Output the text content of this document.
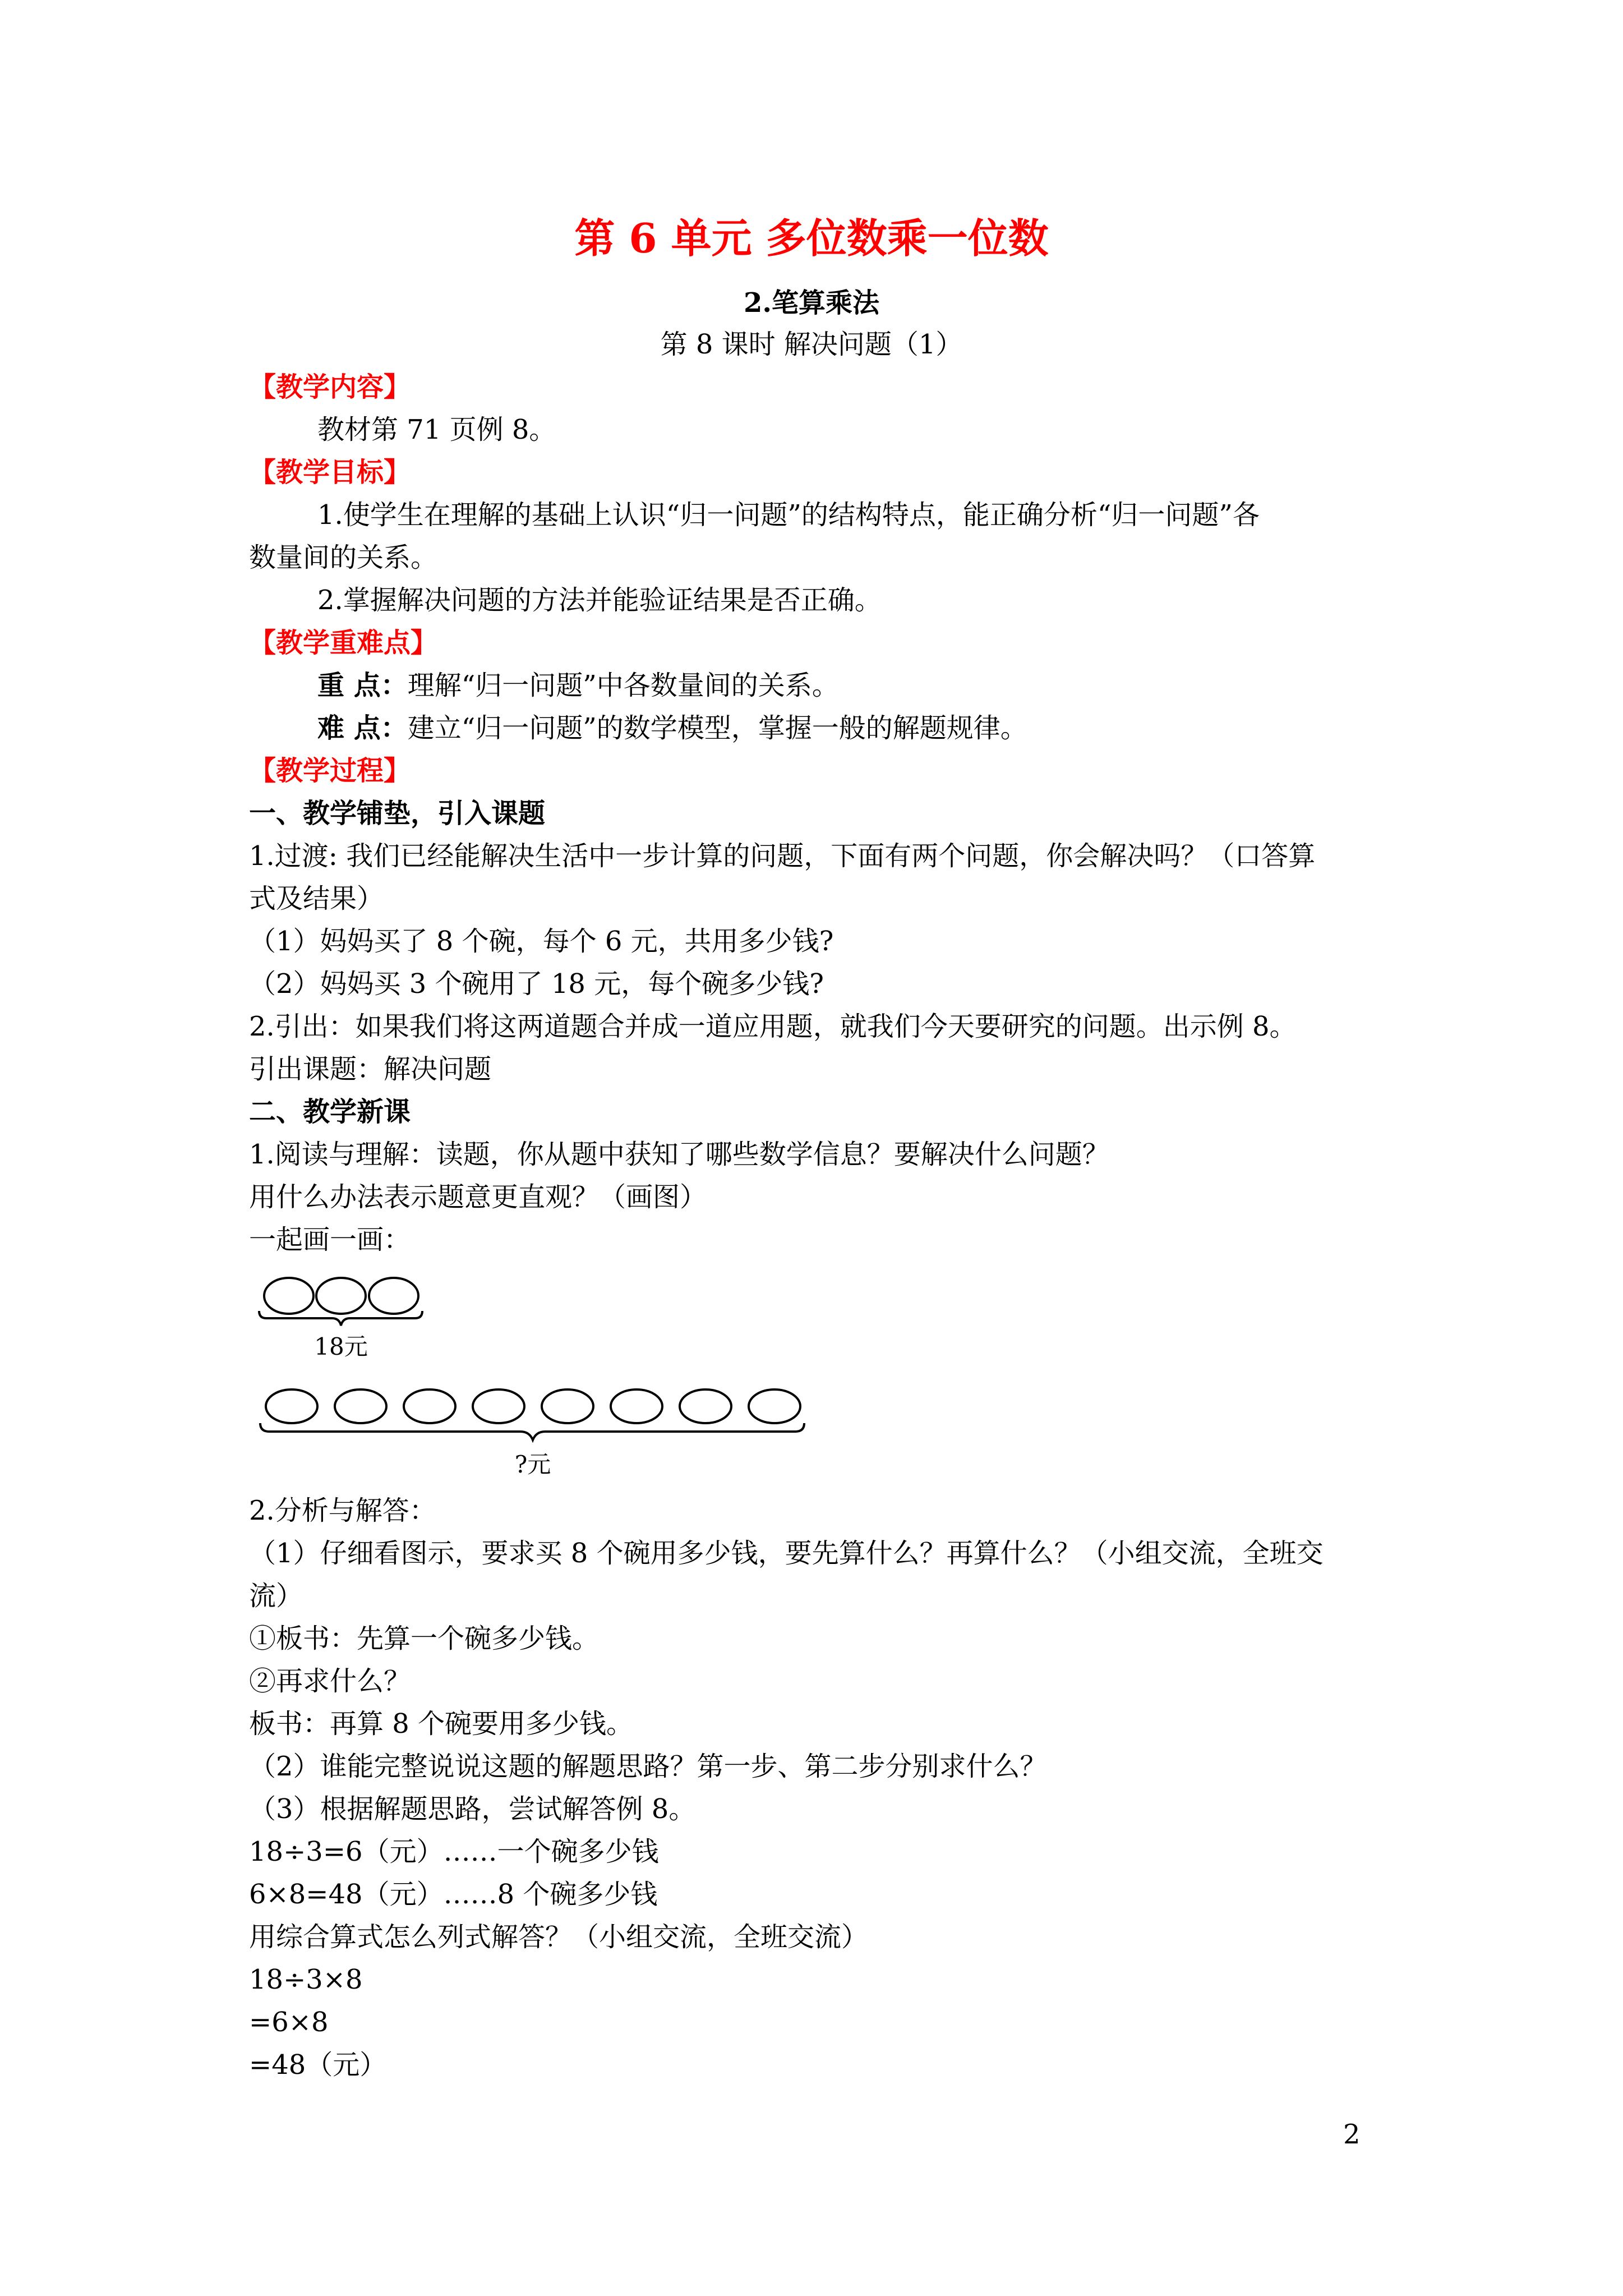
第 6 单元 多位数乘一位数
2.笔算乘法
第 8 课时 解决问题（1）
【教学内容】
教材第 71 页例 8。
【教学目标】
1.使学生在理解的基础上认识“归一问题”的结构特点，能正确分析“归一问题”各
数量间的关系。
2.掌握解决问题的方法并能验证结果是否正确。
【教学重难点】
重 点：理解“归一问题”中各数量间的关系。
难 点：建立“归一问题”的数学模型，掌握一般的解题规律。
【教学过程】
一、教学铺垫，引入课题
1.过渡: 我们已经能解决生活中一步计算的问题，下面有两个问题，你会解决吗？（口答算
式及结果）
（1）妈妈买了 8 个碗，每个 6 元，共用多少钱?
（2）妈妈买 3 个碗用了 18 元，每个碗多少钱?
2.引出：如果我们将这两道题合并成一道应用题，就我们今天要研究的问题。出示例 8。
引出课题：解决问题
二、教学新课
1.阅读与理解：读题，你从题中获知了哪些数学信息？要解决什么问题？
用什么办法表示题意更直观？（画图）
一起画一画：
18元
?元
2.分析与解答：
（1）仔细看图示，要求买 8 个碗用多少钱，要先算什么？再算什么？（小组交流，全班交
流）
①板书：先算一个碗多少钱。
②再求什么？
板书：再算 8 个碗要用多少钱。
（2）谁能完整说说这题的解题思路？第一步、第二步分别求什么？
（3）根据解题思路，尝试解答例 8。
18÷3=6（元）……一个碗多少钱
6×8=48（元）……8 个碗多少钱
用综合算式怎么列式解答？（小组交流，全班交流）
18÷3×8
=6×8
=48（元）
2
